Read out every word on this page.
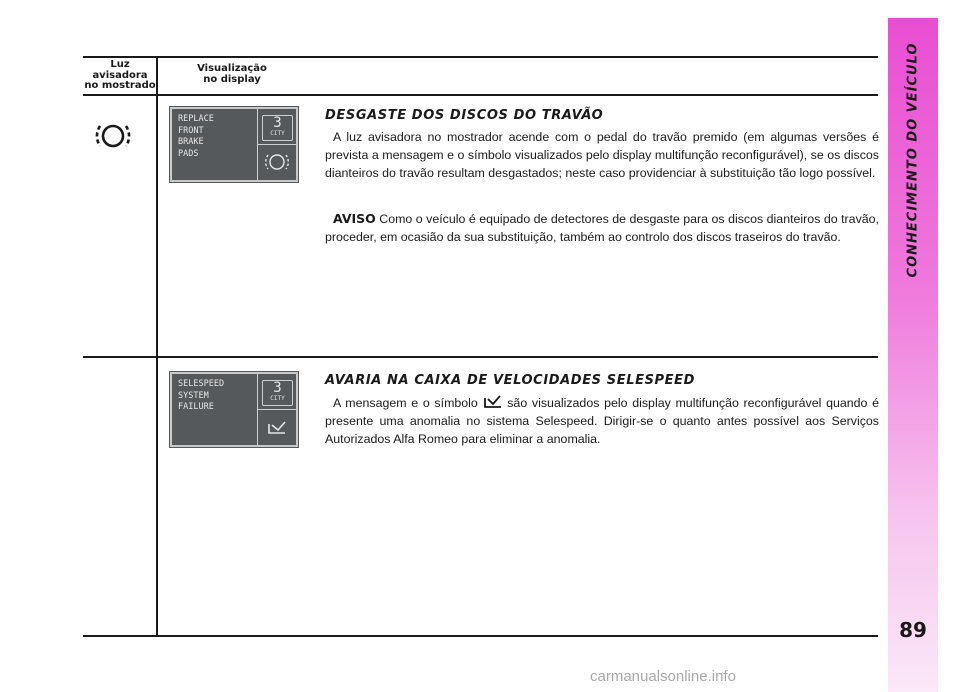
CONHECIMENTO DO VEÍCULO
89
Luz
avisadora
no mostrado
Visualização
no display
REPLACE
FRONT
BRAKE
PADS
3
CITY
DESGASTE DOS DISCOS DO TRAVÃO
A luz avisadora no mostrador acende com o pedal do travão premido (em algumas versões é prevista a mensagem e o símbolo visualizados pelo display multifunção reconfigurável), se os discos dianteiros do travão resultam desgastados; neste caso providenciar à substituição tão logo possível.
AVISO Como o veículo é equipado de detectores de desgaste para os discos dianteiros do travão, proceder, em ocasião da sua substituição, também ao controlo dos discos traseiros do travão.
SELESPEED
SYSTEM
FAILURE
3
CITY
AVARIA NA CAIXA DE VELOCIDADES SELESPEED
A mensagem e o símbolo são visualizados pelo display multifunção reconfigurável quando é presente uma anomalia no sistema Selespeed. Dirigir-se o quanto antes possível aos Serviços Autorizados Alfa Romeo para eliminar a anomalia.
carmanualsonline.info
